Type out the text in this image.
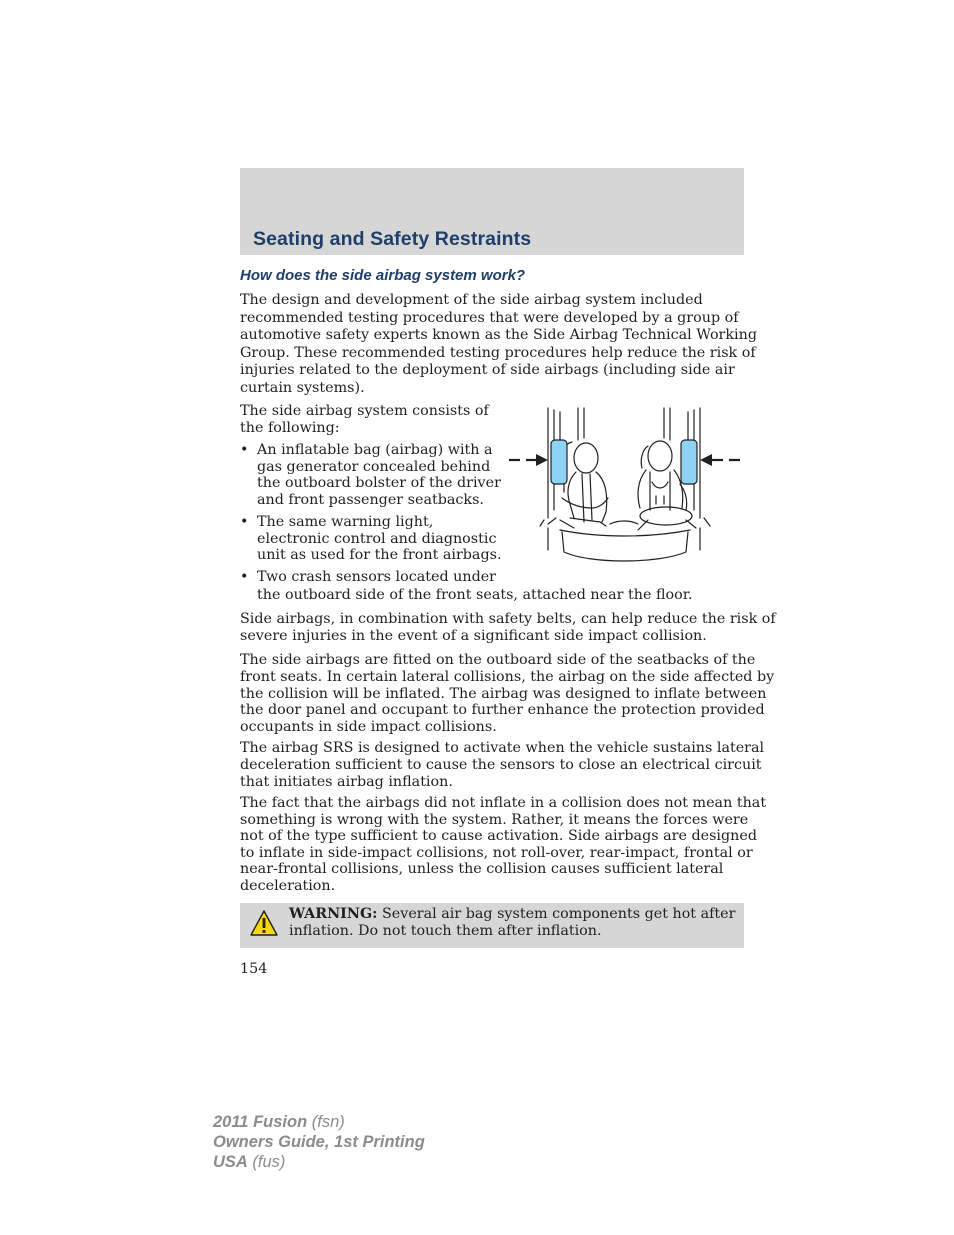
Seating and Safety Restraints
How does the side airbag system work?

The design and development of the side airbag system included
recommended testing procedures that were developed by a group of
automotive safety experts known as the Side Airbag Technical Working
Group. These recommended testing procedures help reduce the risk of
injuries related to the deployment of side airbags (including side air
curtain systems).

The side airbag system consists of
the following:

• An inflatable bag (airbag) with a
gas generator concealed behind
the outboard bolster of the driver
and front passenger seatbacks.
• The same warning light,
electronic control and diagnostic
unit as used for the front airbags.
• Two crash sensors located under
the outboard side of the front seats, attached near the floor.

Side airbags, in combination with safety belts, can help reduce the risk of
severe injuries in the event of a significant side impact collision.

The side airbags are fitted on the outboard side of the seatbacks of the
front seats. In certain lateral collisions, the airbag on the side affected by
the collision will be inflated. The airbag was designed to inflate between
the door panel and occupant to further enhance the protection provided
occupants in side impact collisions.

The airbag SRS is designed to activate when the vehicle sustains lateral
deceleration sufficient to cause the sensors to close an electrical circuit
that initiates airbag inflation.

The fact that the airbags did not inflate in a collision does not mean that
something is wrong with the system. Rather, it means the forces were
not of the type sufficient to cause activation. Side airbags are designed
to inflate in side-impact collisions, not roll-over, rear-impact, frontal or
near-frontal collisions, unless the collision causes sufficient lateral
deceleration.

WARNING: Several air bag system components get hot after
inflation. Do not touch them after inflation.

154

2011 Fusion (fsn)
Owners Guide, 1st Printing
USA (fus)
